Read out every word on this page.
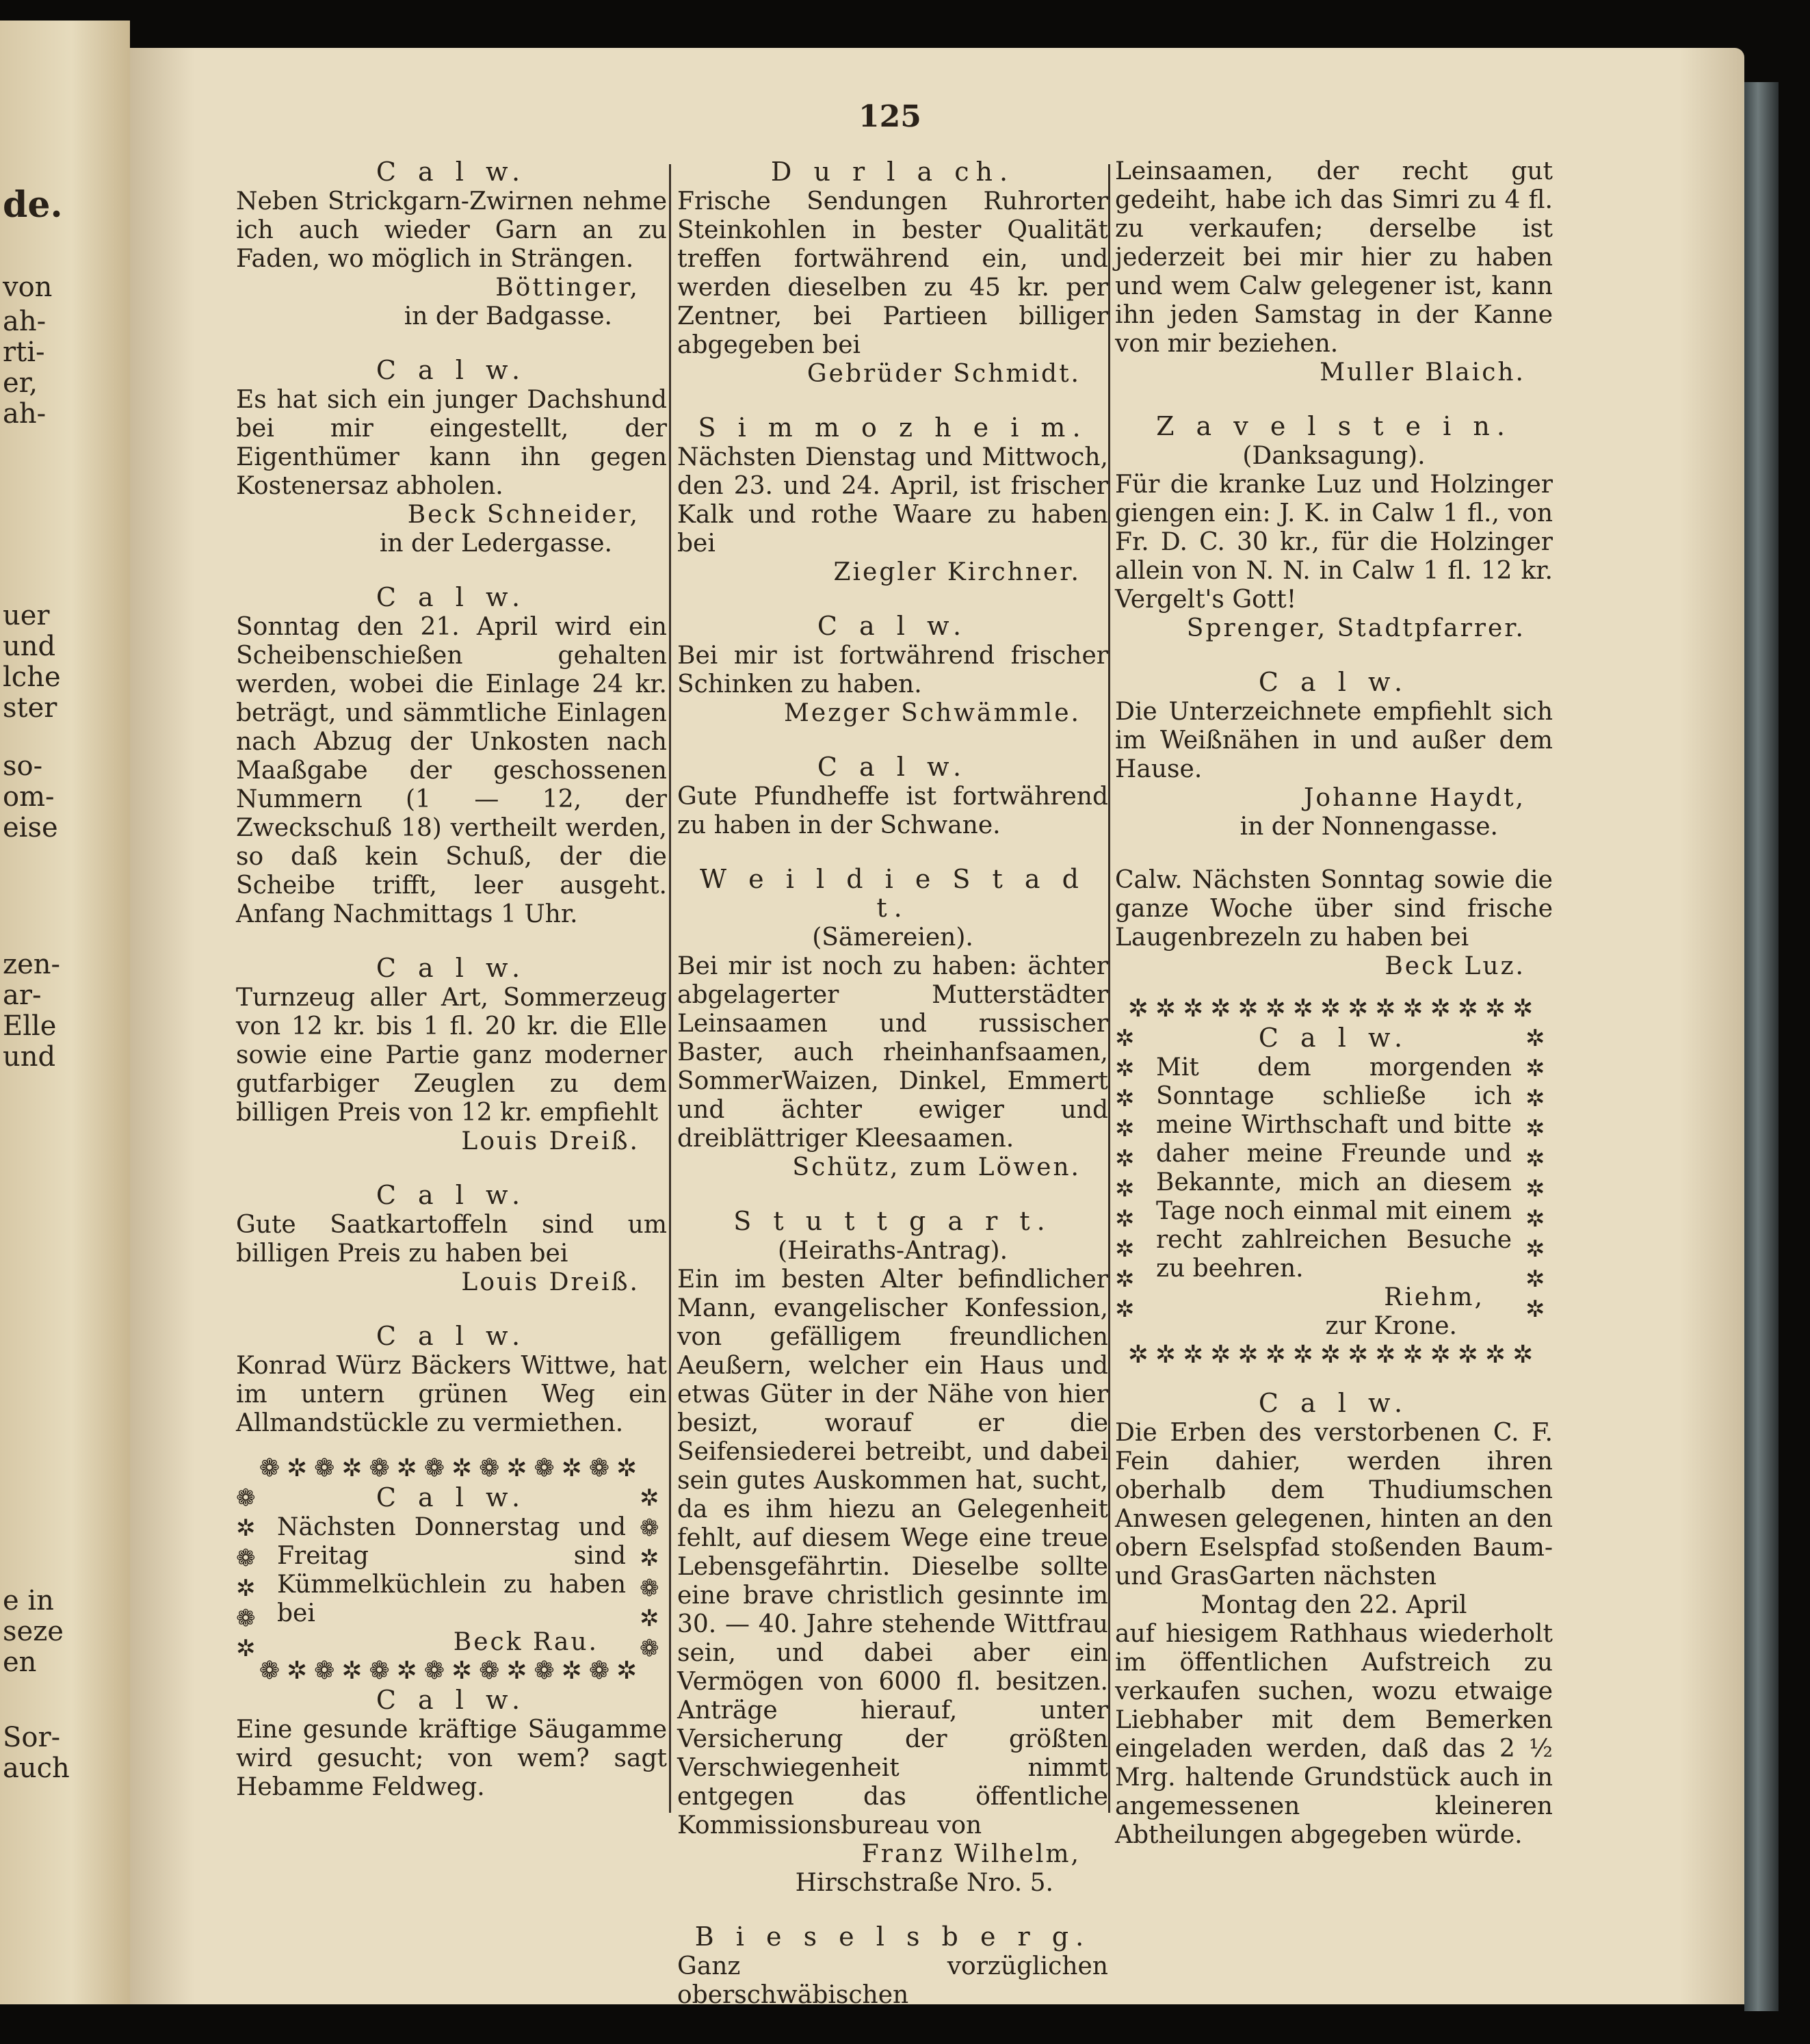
de.
von
ah-
rti-
er,
ah-
uer
und
lche
ster
so-
om-
eise
zen-
ar-
Elle
und
e in
seze
en
Sor-
auch
125
C a l w.
Neben Strickgarn-Zwirnen nehme ich auch wieder Garn an zu Faden, wo möglich in Strängen.
Böttinger,
in der Badgasse.
C a l w.
Es hat sich ein junger Dachshund bei mir eingestellt, der Eigenthümer kann ihn gegen Kostenersaz abholen.
Beck Schneider,
in der Ledergasse.
C a l w.
Sonntag den 21. April wird ein Scheibenschießen gehalten werden, wobei die Einlage 24 kr. beträgt, und sämmtliche Einlagen nach Abzug der Unkosten nach Maaßgabe der geschossenen Nummern (1 — 12, der Zweckschuß 18) vertheilt werden, so daß kein Schuß, der die Scheibe trifft, leer ausgeht. Anfang Nachmittags 1 Uhr.
C a l w.
Turnzeug aller Art, Sommerzeug von 12 kr. bis 1 fl. 20 kr. die Elle sowie eine Partie ganz moderner gutfarbiger Zeuglen zu dem billigen Preis von 12 kr. empfiehlt
Louis Dreiß.
C a l w.
Gute Saatkartoffeln sind um billigen Preis zu haben bei
Louis Dreiß.
C a l w.
Konrad Würz Bäckers Wittwe, hat im untern grünen Weg ein Allmandstückle zu vermiethen.
❁✲❁✲❁✲❁✲❁✲❁✲❁✲
❁
✲
❁
✲
❁
✲
✲
❁
✲
❁
✲
❁
C a l w.
Nächsten Donnerstag und Freitag sind Kümmelküchlein zu haben bei
Beck Rau.
❁✲❁✲❁✲❁✲❁✲❁✲❁✲
C a l w.
Eine gesunde kräftige Säugamme wird gesucht; von wem? sagt Hebamme Feldweg.
D u r l a ch.
Frische Sendungen Ruhrorter Steinkohlen in bester Qualität treffen fortwährend ein, und werden dieselben zu 45 kr. per Zentner, bei Partieen billiger abgegeben bei
Gebrüder Schmidt.
S i m m o z h e i m.
Nächsten Dienstag und Mittwoch, den 23. und 24. April, ist frischer Kalk und rothe Waare zu haben bei
Ziegler Kirchner.
C a l w.
Bei mir ist fortwährend frischer Schinken zu haben.
Mezger Schwämmle.
C a l w.
Gute Pfundheffe ist fortwährend zu haben in der Schwane.
W e i l d i e S t a d t.
(Sämereien).
Bei mir ist noch zu haben: ächter abgelagerter Mutterstädter Leinsaamen und russischer Baster, auch rheinhanfsaamen, SommerWaizen, Dinkel, Emmert und ächter ewiger und dreiblättriger Kleesaamen.
Schütz, zum Löwen.
S t u t t g a r t.
(Heiraths-Antrag).
Ein im besten Alter befindlicher Mann, evangelischer Konfession, von gefälligem freundlichen Aeußern, welcher ein Haus und etwas Güter in der Nähe von hier besizt, worauf er die Seifensiederei betreibt, und dabei sein gutes Auskommen hat, sucht, da es ihm hiezu an Gelegenheit fehlt, auf diesem Wege eine treue Lebensgefährtin. Dieselbe sollte eine brave christlich gesinnte im 30. — 40. Jahre stehende Wittfrau sein, und dabei aber ein Vermögen von 6000 fl. besitzen. Anträge hierauf, unter Versicherung der größten Verschwiegenheit nimmt entgegen das öffentliche Kommissionsbureau von
Franz Wilhelm,
Hirschstraße Nro. 5.
B i e s e l s b e r g.
Ganz vorzüglichen oberschwäbischen
Leinsaamen, der recht gut gedeiht, habe ich das Simri zu 4 fl. zu verkaufen; derselbe ist jederzeit bei mir hier zu haben und wem Calw gelegener ist, kann ihn jeden Samstag in der Kanne von mir beziehen.
Muller Blaich.
Z a v e l s t e i n.
(Danksagung).
Für die kranke Luz und Holzinger giengen ein: J. K. in Calw 1 fl., von Fr. D. C. 30 kr., für die Holzinger allein von N. N. in Calw 1 fl. 12 kr. Vergelt's Gott!
Sprenger, Stadtpfarrer.
C a l w.
Die Unterzeichnete empfiehlt sich im Weißnähen in und außer dem Hause.
Johanne Haydt,
in der Nonnengasse.
Calw. Nächsten Sonntag sowie die ganze Woche über sind frische Laugenbrezeln zu haben bei
Beck Luz.
✲✲✲✲✲✲✲✲✲✲✲✲✲✲✲
✲
✲
✲
✲
✲
✲
✲
✲
✲
✲
✲
✲
✲
✲
✲
✲
✲
✲
✲
✲
C a l w.
Mit dem morgenden Sonntage schließe ich meine Wirthschaft und bitte daher meine Freunde und Bekannte, mich an diesem Tage noch einmal mit einem recht zahlreichen Besuche zu beehren.
Riehm,
zur Krone.
✲✲✲✲✲✲✲✲✲✲✲✲✲✲✲
C a l w.
Die Erben des verstorbenen C. F. Fein dahier, werden ihren oberhalb dem Thudiumschen Anwesen gelegenen, hinten an den obern Eselspfad stoßenden Baum- und GrasGarten nächsten
Montag den 22. April
auf hiesigem Rathhaus wiederholt im öffentlichen Aufstreich zu verkaufen suchen, wozu etwaige Liebhaber mit dem Bemerken eingeladen werden, daß das 2 ½ Mrg. haltende Grundstück auch in angemessenen kleineren Abtheilungen abgegeben würde.
